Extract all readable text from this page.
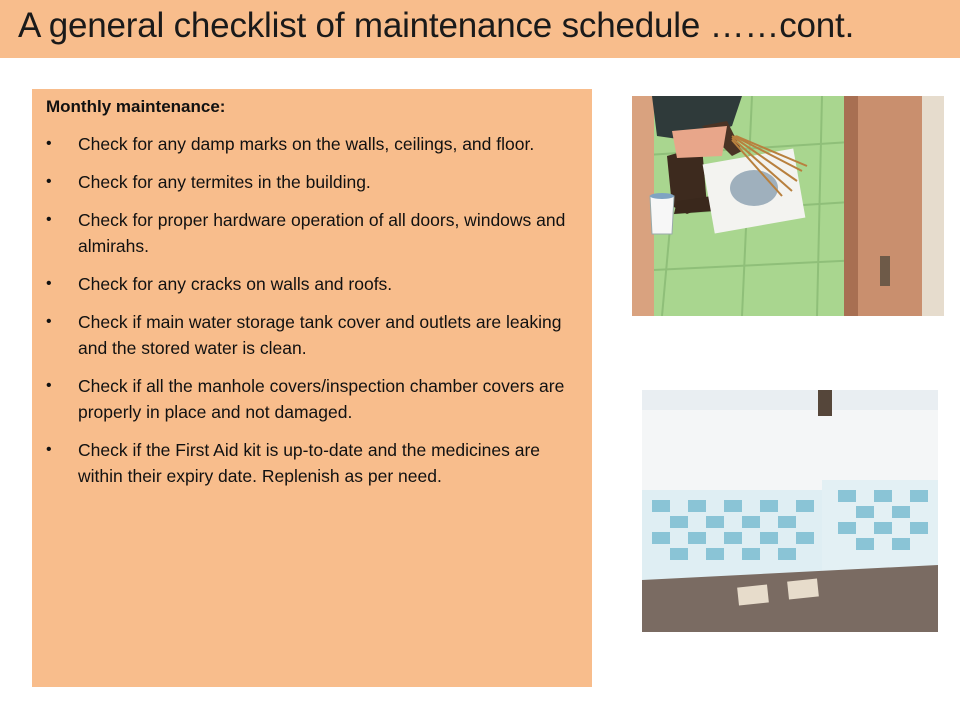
A general checklist of maintenance schedule ……cont.

Monthly maintenance:

• Check for any damp marks on the walls, ceilings, and floor.
• Check for any termites in the building.
• Check for proper hardware operation of all doors, windows and almirahs.
• Check for any cracks on walls and roofs.
• Check if main water storage tank cover and outlets are leaking and the stored water is clean.
• Check if all the manhole covers/inspection chamber covers are properly in place and not damaged.
• Check if the First Aid kit is up-to-date and the medicines are within their expiry date. Replenish as per need.
